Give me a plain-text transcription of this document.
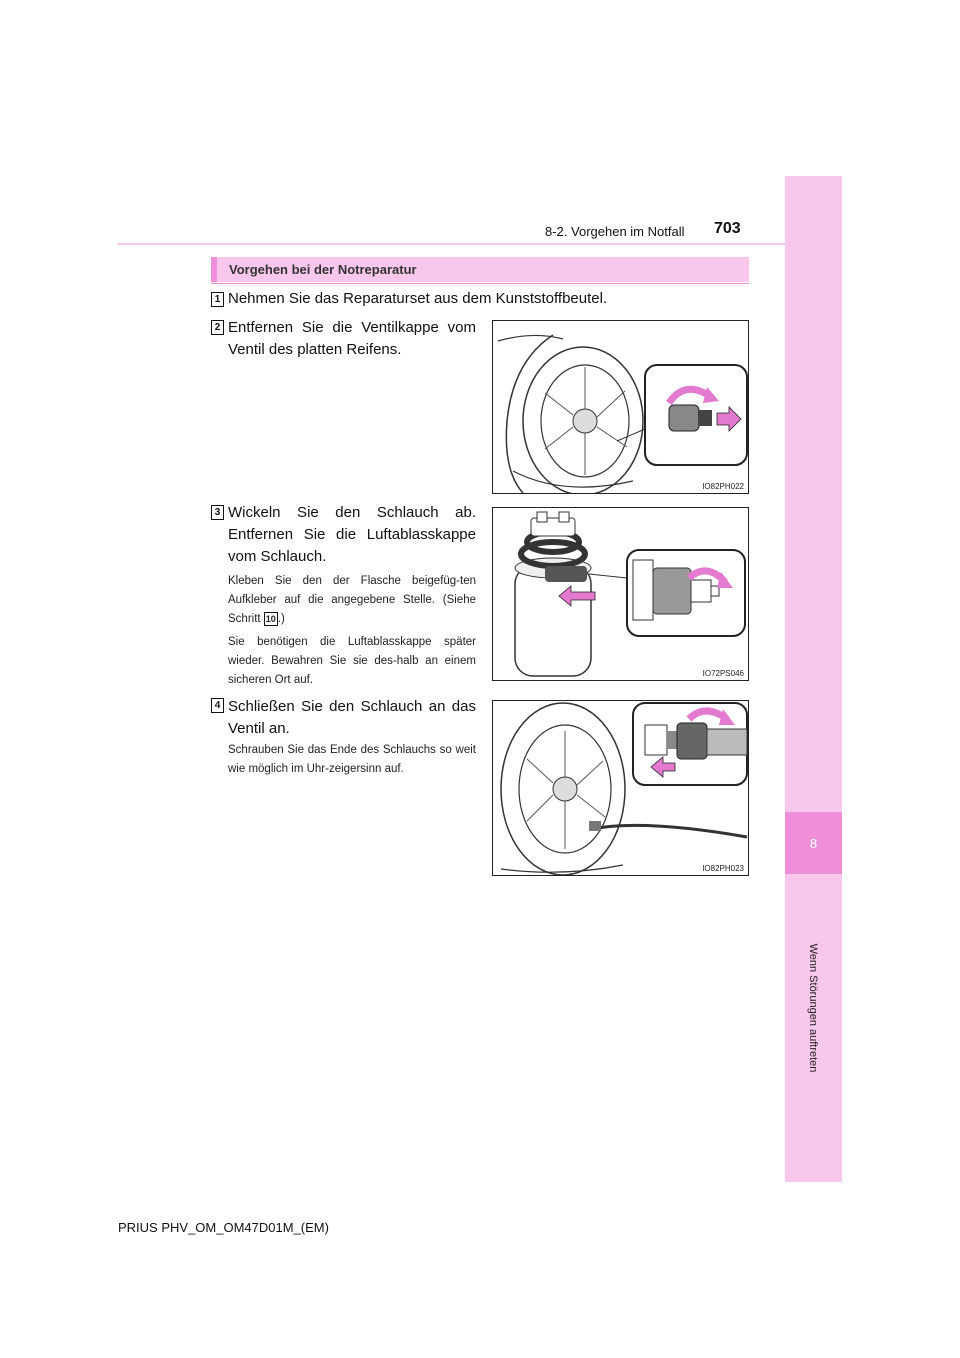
8
Wenn Störungen auftreten
8-2. Vorgehen im Notfall 703
Vorgehen bei der Notreparatur
1 Nehmen Sie das Reparaturset aus dem Kunststoffbeutel.
2 Entfernen Sie die Ventilkappe vom Ventil des platten Reifens.
IO82PH022
3 Wickeln Sie den Schlauch ab. Entfernen Sie die Luftablasskappe vom Schlauch.
Kleben Sie den der Flasche beigefüg-ten Aufkleber auf die angegebene Stelle. (Siehe Schritt 10 .)
Sie benötigen die Luftablasskappe später wieder. Bewahren Sie sie des-halb an einem sicheren Ort auf.
IO72PS046
4 Schließen Sie den Schlauch an das Ventil an.
Schrauben Sie das Ende des Schlauchs so weit wie möglich im Uhr-zeigersinn auf.
IO82PH023
PRIUS PHV_OM_OM47D01M_(EM)
